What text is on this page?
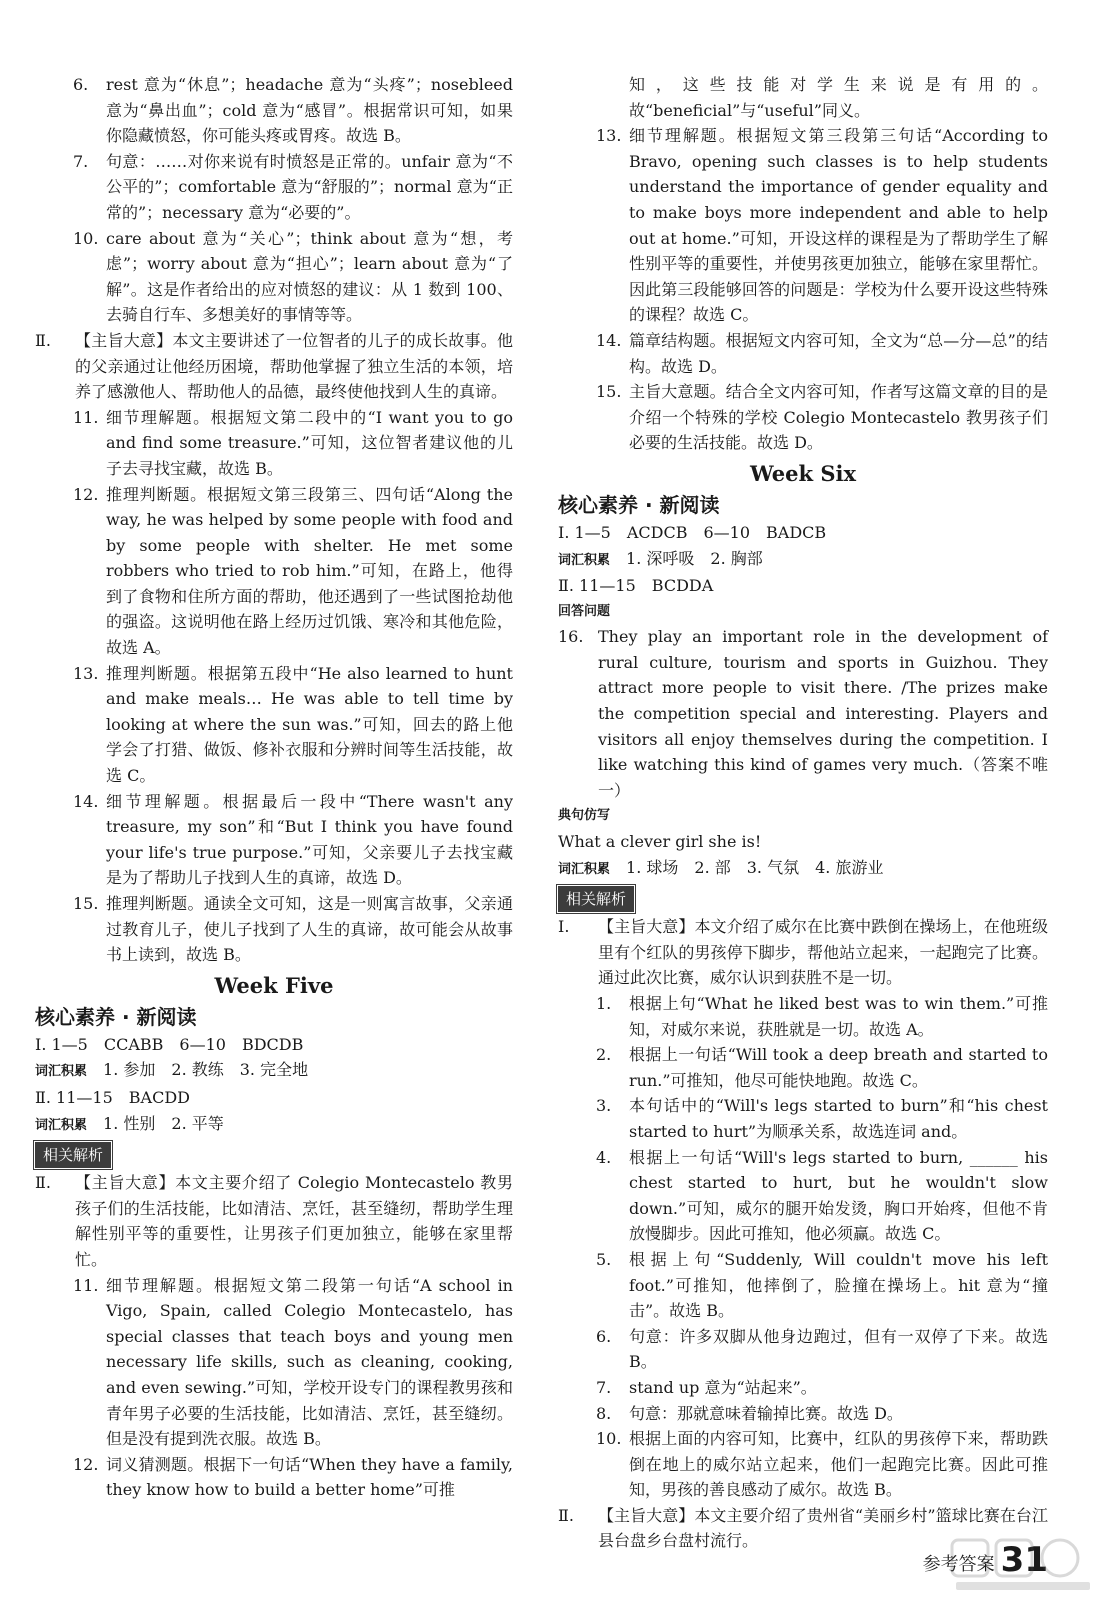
6. rest 意为“休息”；headache 意为“头疼”；nosebleed 意为“鼻出血”；cold 意为“感冒”。根据常识可知，如果你隐藏愤怒，你可能头疼或胃疼。故选 B。
7. 句意：……对你来说有时愤怒是正常的。unfair 意为“不公平的”；comfortable 意为“舒服的”；normal 意为“正常的”；necessary 意为“必要的”。
10. care about 意为“关心”；think about 意为“想，考虑”；worry about 意为“担心”；learn about 意为“了解”。这是作者给出的应对愤怒的建议：从 1 数到 100、去骑自行车、多想美好的事情等等。
Ⅱ. 【主旨大意】本文主要讲述了一位智者的儿子的成长故事。他的父亲通过让他经历困境，帮助他掌握了独立生活的本领，培养了感激他人、帮助他人的品德，最终使他找到人生的真谛。
11. 细节理解题。根据短文第二段中的“I want you to go and find some treasure.”可知，这位智者建议他的儿子去寻找宝藏，故选 B。
12. 推理判断题。根据短文第三段第三、四句话“Along the way, he was helped by some people with food and by some people with shelter. He met some robbers who tried to rob him.”可知，在路上，他得到了食物和住所方面的帮助，他还遇到了一些试图抢劫他的强盗。这说明他在路上经历过饥饿、寒冷和其他危险，故选 A。
13. 推理判断题。根据第五段中“He also learned to hunt and make meals… He was able to tell time by looking at where the sun was.”可知，回去的路上他学会了打猎、做饭、修补衣服和分辨时间等生活技能，故选 C。
14. 细节理解题。根据最后一段中“There wasn't any treasure, my son”和“But I think you have found your life's true purpose.”可知，父亲要儿子去找宝藏是为了帮助儿子找到人生的真谛，故选 D。
15. 推理判断题。通读全文可知，这是一则寓言故事，父亲通过教育儿子，使儿子找到了人生的真谛，故可能会从故事书上读到，故选 B。
Week Five
核心素养 · 新阅读
Ⅰ. 1—5　CCABB　6—10　BDCDB
词汇积累　 1. 参加　2. 教练　3. 完全地
Ⅱ. 11—15　BACDD
词汇积累　 1. 性别　2. 平等
相关解析
Ⅱ. 【主旨大意】本文主要介绍了 Colegio Montecastelo 教男孩子们的生活技能，比如清洁、烹饪，甚至缝纫，帮助学生理解性别平等的重要性，让男孩子们更加独立，能够在家里帮忙。
11. 细节理解题。根据短文第二段第一句话“A school in Vigo, Spain, called Colegio Montecastelo, has special classes that teach boys and young men necessary life skills, such as cleaning, cooking, and even sewing.”可知，学校开设专门的课程教男孩和青年男子必要的生活技能，比如清洁、烹饪，甚至缝纫。但是没有提到洗衣服。故选 B。
12. 词义猜测题。根据下一句话“When they have a family, they know how to build a better home”可推
知，这些技能对学生来说是有用的。故“beneficial”与“useful”同义。
13. 细节理解题。根据短文第三段第三句话“According to Bravo, opening such classes is to help students understand the importance of gender equality and to make boys more independent and able to help out at home.”可知，开设这样的课程是为了帮助学生了解性别平等的重要性，并使男孩更加独立，能够在家里帮忙。因此第三段能够回答的问题是：学校为什么要开设这些特殊的课程？故选 C。
14. 篇章结构题。根据短文内容可知，全文为“总—分—总”的结构。故选 D。
15. 主旨大意题。结合全文内容可知，作者写这篇文章的目的是介绍一个特殊的学校 Colegio Montecastelo 教男孩子们必要的生活技能。故选 D。
Week Six
核心素养 · 新阅读
Ⅰ. 1—5　ACDCB　6—10　BADCB
词汇积累　 1. 深呼吸　2. 胸部
Ⅱ. 11—15　BCDDA
回答问题
16. They play an important role in the development of rural culture, tourism and sports in Guizhou. They attract more people to visit there. /The prizes make the competition special and interesting. Players and visitors all enjoy themselves during the competition. I like watching this kind of games very much.（答案不唯一）
典句仿写
What a clever girl she is!
词汇积累　 1. 球场　2. 部　3. 气氛　4. 旅游业
相关解析
Ⅰ. 【主旨大意】本文介绍了威尔在比赛中跌倒在操场上，在他班级里有个红队的男孩停下脚步，帮他站立起来，一起跑完了比赛。通过此次比赛，威尔认识到获胜不是一切。
1. 根据上句“What he liked best was to win them.”可推知，对威尔来说，获胜就是一切。故选 A。
2. 根据上一句话“Will took a deep breath and started to run.”可推知，他尽可能快地跑。故选 C。
3. 本句话中的“Will's legs started to burn”和“his chest started to hurt”为顺承关系，故选连词 and。
4. 根据上一句话“Will's legs started to burn, ______ his chest started to hurt, but he wouldn't slow down.”可知，威尔的腿开始发烫，胸口开始疼，但他不肯放慢脚步。因此可推知，他必须赢。故选 C。
5. 根据上句“Suddenly, Will couldn't move his left foot.”可推知，他摔倒了，脸撞在操场上。hit 意为“撞击”。故选 B。
6. 句意：许多双脚从他身边跑过，但有一双停了下来。故选 B。
7. stand up 意为“站起来”。
8. 句意：那就意味着输掉比赛。故选 D。
10. 根据上面的内容可知，比赛中，红队的男孩停下来，帮助跌倒在地上的威尔站立起来，他们一起跑完比赛。因此可推知，男孩的善良感动了威尔。故选 B。
Ⅱ. 【主旨大意】本文主要介绍了贵州省“美丽乡村”篮球比赛在台江县台盘乡台盘村流行。
参考答案 31
